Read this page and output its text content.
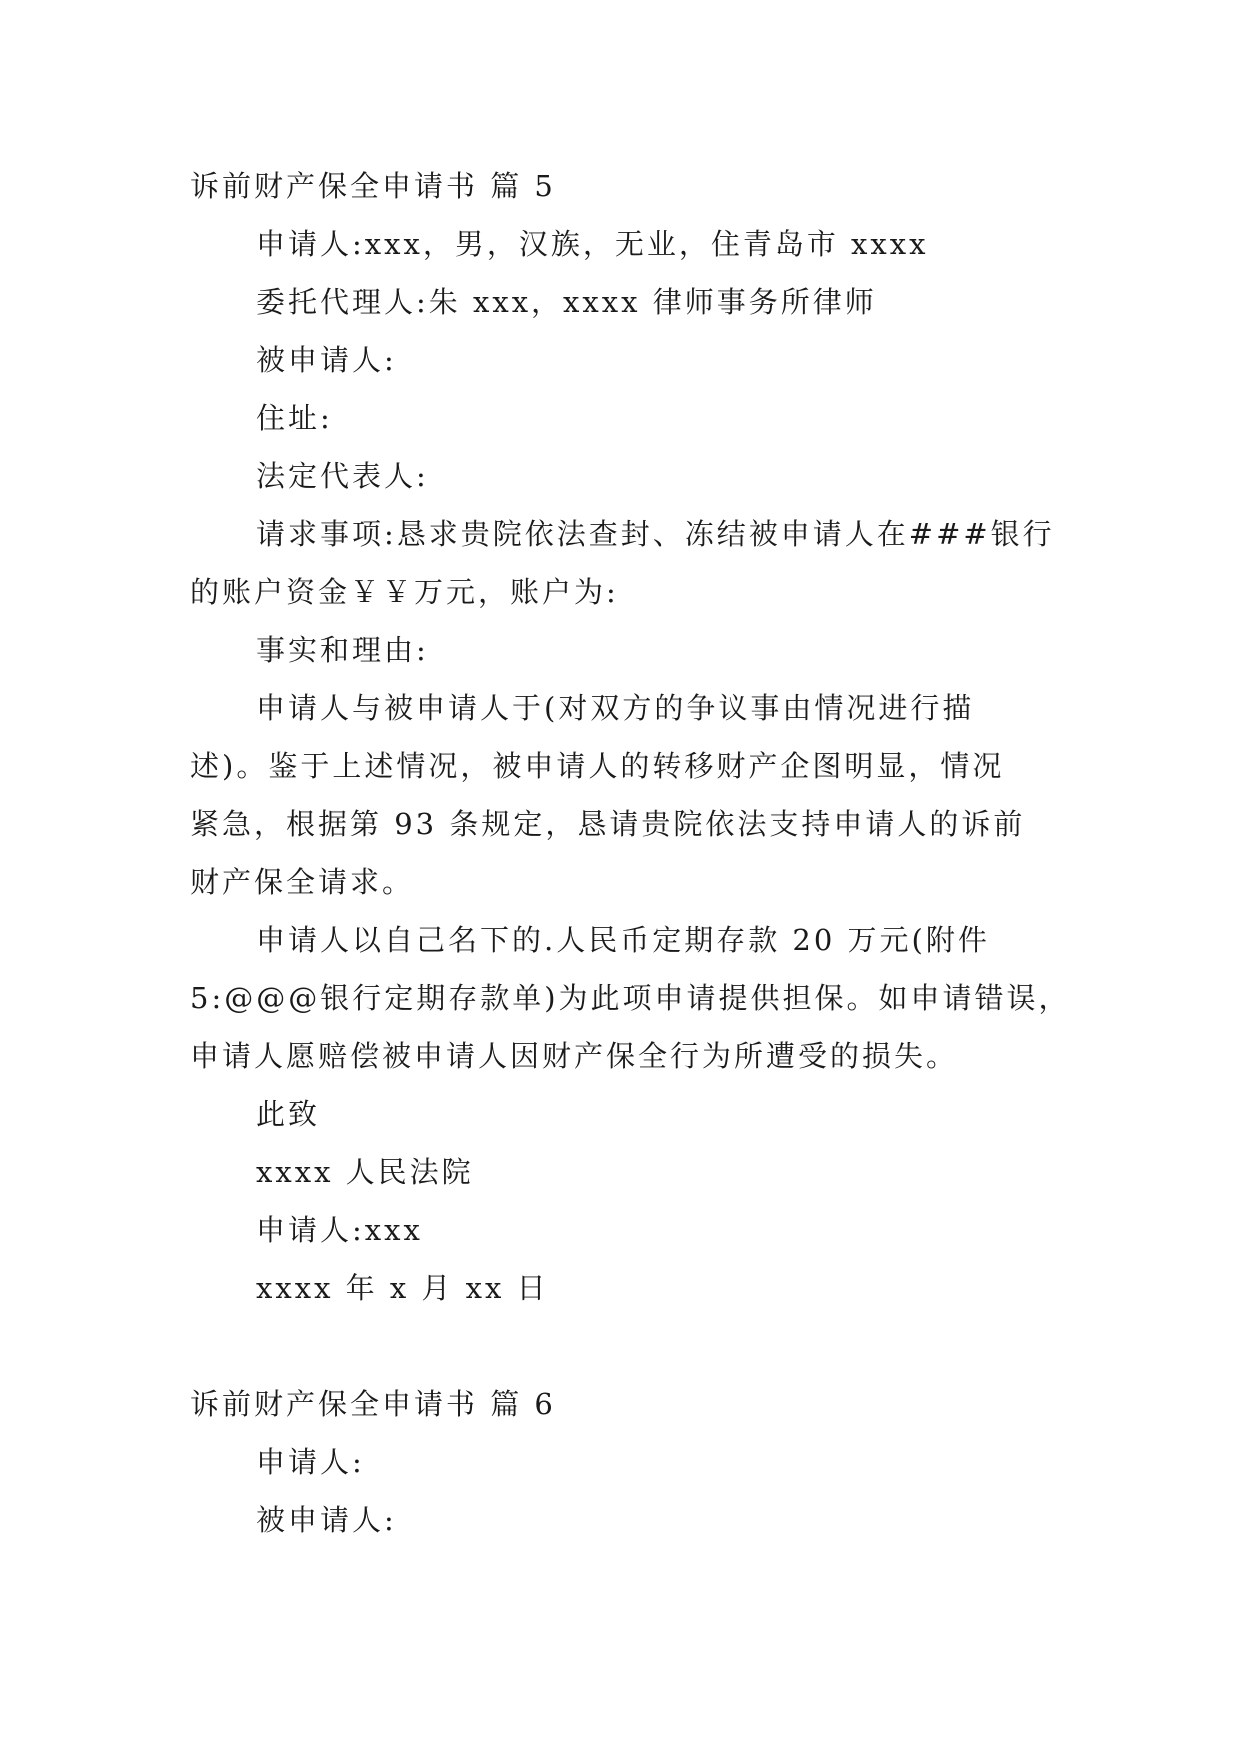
诉前财产保全申请书 篇 5
申请人:xxx，男，汉族，无业，住青岛市 xxxx
委托代理人:朱 xxx，xxxx 律师事务所律师
被申请人:
住址:
法定代表人:
请求事项:恳求贵院依法查封、冻结被申请人在###银行
的账户资金￥￥万元，账户为:
事实和理由:
申请人与被申请人于(对双方的争议事由情况进行描
述)。鉴于上述情况，被申请人的转移财产企图明显，情况
紧急，根据第 93 条规定，恳请贵院依法支持申请人的诉前
财产保全请求。
申请人以自己名下的.人民币定期存款 20 万元(附件
5:@@@银行定期存款单)为此项申请提供担保。如申请错误，
申请人愿赔偿被申请人因财产保全行为所遭受的损失。
此致
xxxx 人民法院
申请人:xxx
xxxx 年 x 月 xx 日
诉前财产保全申请书 篇 6
申请人:
被申请人:
